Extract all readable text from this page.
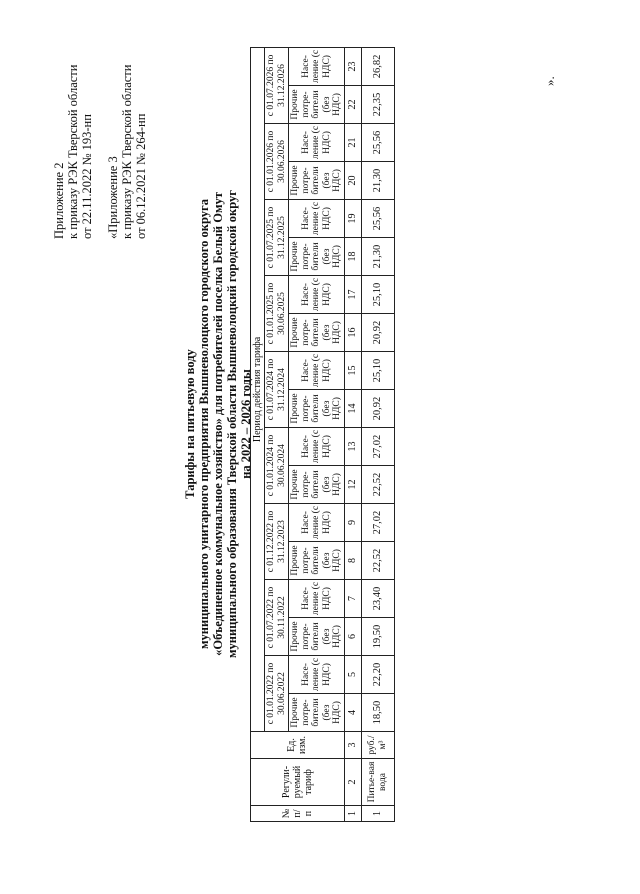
Приложение 2 к приказу РЭК Тверской области от 22.11.2022 № 193-нп «Приложение 3 к приказу РЭК Тверской области от 06.12.2021 № 264-нп
Тарифы на питьевую воду муниципального унитарного предприятия Вышневолоцкого городского округа «Объединенное коммунальное хозяйство» для потребителей поселка Белый Омут муниципального образования Тверской области Вышневолоцкий городской округ на 2022 – 2026 годы
№ п/ п	Регули-руемый тариф	Ед. изм.	Период действия тарифа																	
			с 01.01.2022 по 30.06.2022		с 01.07.2022 по 30.11.2022		с 01.12.2022 по 31.12.2023		с 01.01.2024 по 30.06.2024		с 01.07.2024 по 31.12.2024		с 01.01.2025 по 30.06.2025		с 01.07.2025 по 31.12.2025		с 01.01.2026 по 30.06.2026		с 01.07.2026 по 31.12.2026	
			Прочие потре-бители (без НДС)	Насе-ление (с НДС)	Прочие потре-бители (без НДС)	Насе-ление (с НДС)	Прочие потре-бители (без НДС)	Насе-ление (с НДС)	Прочие потре-бители (без НДС)	Насе-ление (с НДС)	Прочие потре-бители (без НДС)	Насе-ление (с НДС)	Прочие потре-бители (без НДС)	Насе-ление (с НДС)	Прочие потре-бители (без НДС)	Насе-ление (с НДС)	Прочие потре-бители (без НДС)	Насе-ление (с НДС)	Прочие потре-бители (без НДС)	Насе-ление (с НДС)
1	2	3	4	5	6	7	8	9	12	13	14	15	16	17	18	19	20	21	22	23
1	Питье-вая вода	руб./м³	18,50	22,20	19,50	23,40	22,52	27,02	22,52	27,02	20,92	25,10	20,92	25,10	21,30	25,56	21,30	25,56	22,35	26,82
».
